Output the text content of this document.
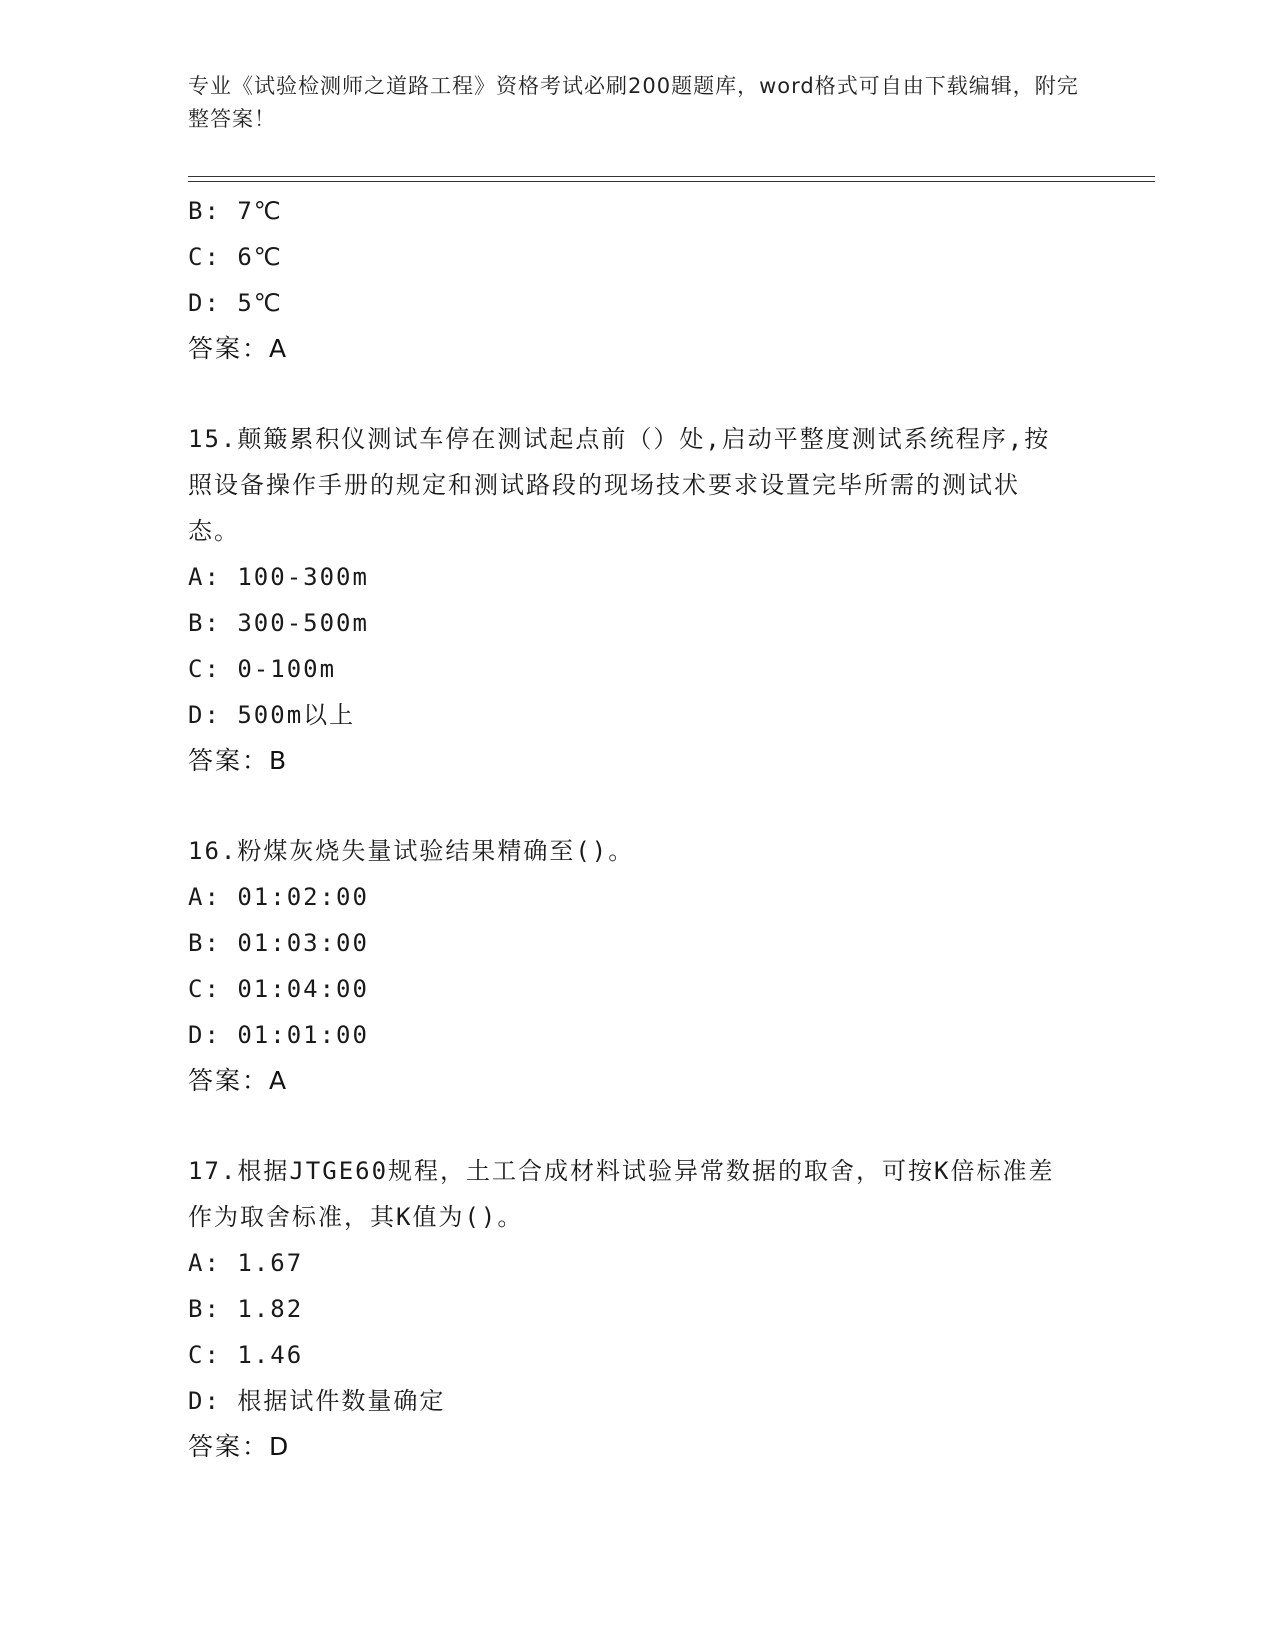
专业《试验检测师之道路工程》资格考试必刷200题题库，word格式可自由下载编辑，附完整答案！
B: 7℃
C: 6℃
D: 5℃
答案：A
15.颠簸累积仪测试车停在测试起点前（）处,启动平整度测试系统程序,按照设备操作手册的规定和测试路段的现场技术要求设置完毕所需的测试状态。
A: 100-300m
B: 300-500m
C: 0-100m
D: 500m以上
答案：B
16.粉煤灰烧失量试验结果精确至()。
A: 01:02:00
B: 01:03:00
C: 01:04:00
D: 01:01:00
答案：A
17.根据JTGE60规程，土工合成材料试验异常数据的取舍，可按K倍标准差作为取舍标准，其K值为()。
A: 1.67
B: 1.82
C: 1.46
D: 根据试件数量确定
答案：D
